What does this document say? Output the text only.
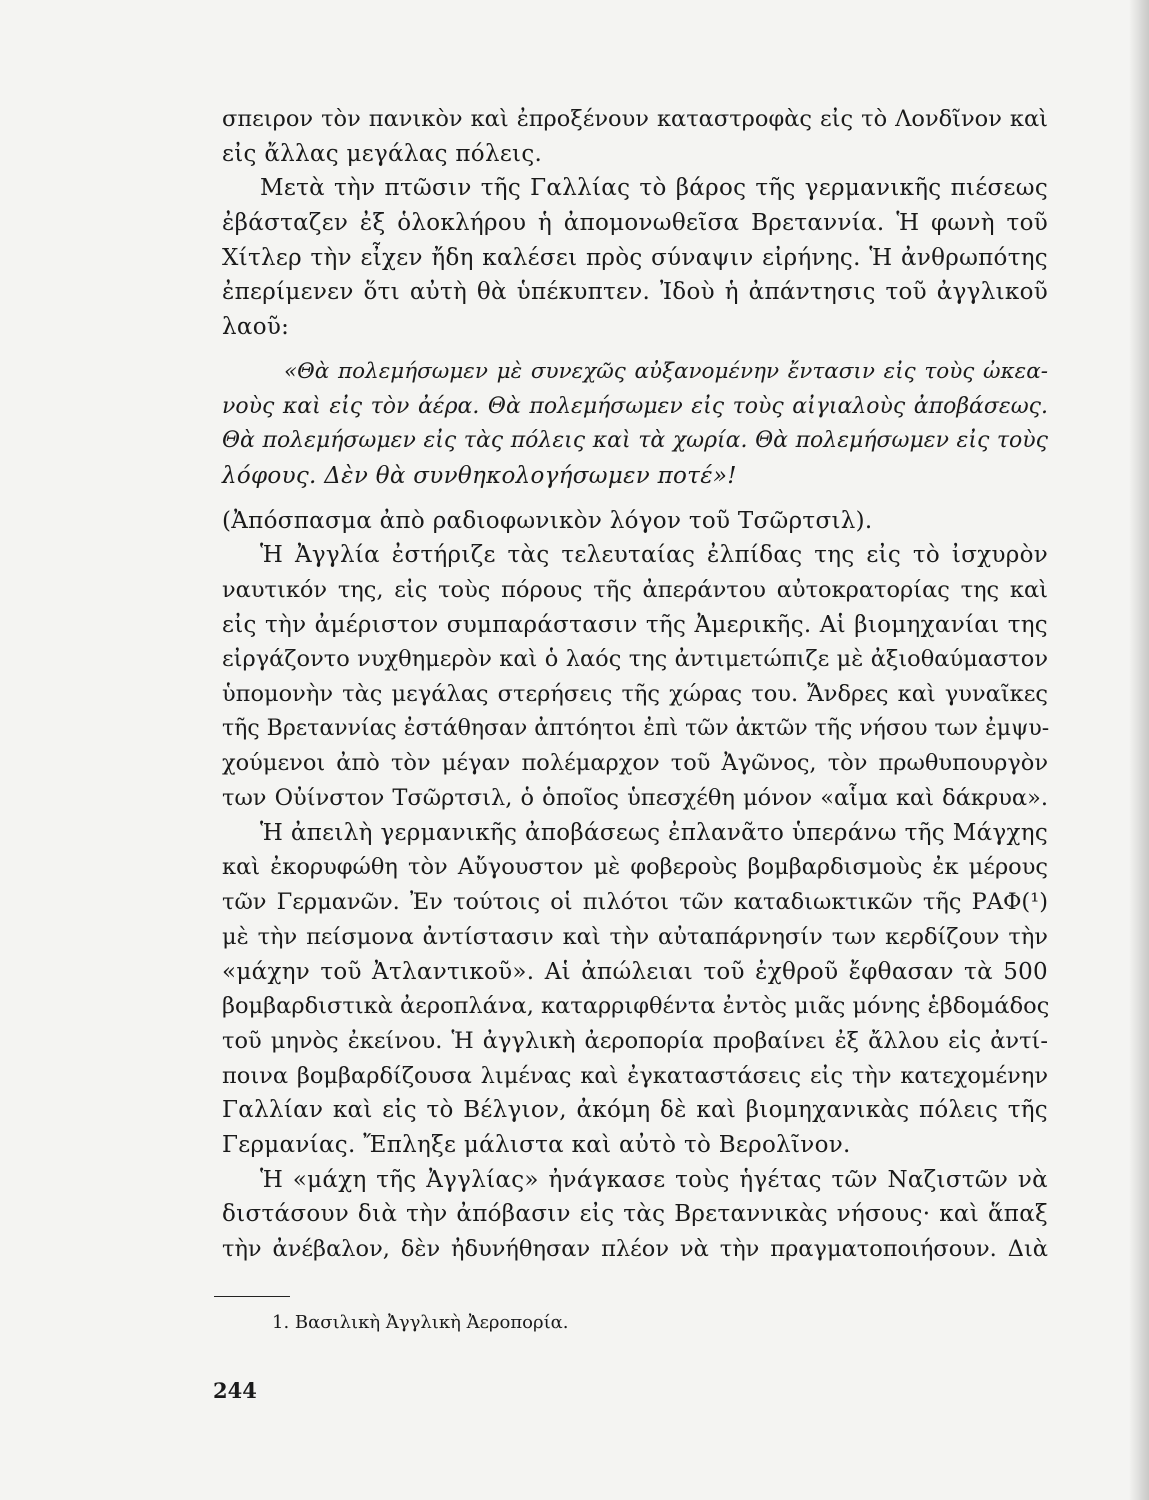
σπειρον τὸν πανικὸν καὶ ἐπροξένουν καταστροφὰς εἰς τὸ Λονδῖνον καὶ
εἰς ἄλλας μεγάλας πόλεις.
Μετὰ τὴν πτῶσιν τῆς Γαλλίας τὸ βάρος τῆς γερμανικῆς πιέσεως
ἐβάσταζεν ἐξ ὁλοκλήρου ἡ ἀπομονωθεῖσα Βρεταννία. Ἡ φωνὴ τοῦ
Χίτλερ τὴν εἶχεν ἤδη καλέσει πρὸς σύναψιν εἰρήνης. Ἡ ἀνθρωπότης
ἐπερίμενεν ὅτι αὐτὴ θὰ ὑπέκυπτεν. Ἰδοὺ ἡ ἀπάντησις τοῦ ἀγγλικοῦ
λαοῦ:
«Θὰ πολεμήσωμεν μὲ συνεχῶς αὐξανομένην ἔντασιν εἰς τοὺς ὠκεα-
νοὺς καὶ εἰς τὸν ἀέρα. Θὰ πολεμήσωμεν εἰς τοὺς αἰγιαλοὺς ἀποβάσεως.
Θὰ πολεμήσωμεν εἰς τὰς πόλεις καὶ τὰ χωρία. Θὰ πολεμήσωμεν εἰς τοὺς
λόφους. Δὲν θὰ συνθηκολογήσωμεν ποτέ»!
(Ἀπόσπασμα ἀπὸ ραδιοφωνικὸν λόγον τοῦ Τσῶρτσιλ).
Ἡ Ἀγγλία ἐστήριζε τὰς τελευταίας ἐλπίδας της εἰς τὸ ἰσχυρὸν
ναυτικόν της, εἰς τοὺς πόρους τῆς ἀπεράντου αὐτοκρατορίας της καὶ
εἰς τὴν ἀμέριστον συμπαράστασιν τῆς Ἀμερικῆς. Αἱ βιομηχανίαι της
εἰργάζοντο νυχθημερὸν καὶ ὁ λαός της ἀντιμετώπιζε μὲ ἀξιοθαύμαστον
ὑπομονὴν τὰς μεγάλας στερήσεις τῆς χώρας του. Ἄνδρες καὶ γυναῖκες
τῆς Βρεταννίας ἐστάθησαν ἀπτόητοι ἐπὶ τῶν ἀκτῶν τῆς νήσου των ἐμψυ-
χούμενοι ἀπὸ τὸν μέγαν πολέμαρχον τοῦ Ἀγῶνος, τὸν πρωθυπουργὸν
των Οὐίνστον Τσῶρτσιλ, ὁ ὁποῖος ὑπεσχέθη μόνον «αἷμα καὶ δάκρυα».
Ἡ ἀπειλὴ γερμανικῆς ἀποβάσεως ἐπλανᾶτο ὑπεράνω τῆς Μάγχης
καὶ ἐκορυφώθη τὸν Αὔγουστον μὲ φοβεροὺς βομβαρδισμοὺς ἐκ μέρους
τῶν Γερμανῶν. Ἐν τούτοις οἱ πιλότοι τῶν καταδιωκτικῶν τῆς ΡΑΦ(¹)
μὲ τὴν πείσμονα ἀντίστασιν καὶ τὴν αὐταπάρνησίν των κερδίζουν τὴν
«μάχην τοῦ Ἀτλαντικοῦ». Αἱ ἀπώλειαι τοῦ ἐχθροῦ ἔφθασαν τὰ 500
βομβαρδιστικὰ ἀεροπλάνα, καταρριφθέντα ἐντὸς μιᾶς μόνης ἑβδομάδος
τοῦ μηνὸς ἐκείνου. Ἡ ἀγγλικὴ ἀεροπορία προβαίνει ἐξ ἄλλου εἰς ἀντί-
ποινα βομβαρδίζουσα λιμένας καὶ ἐγκαταστάσεις εἰς τὴν κατεχομένην
Γαλλίαν καὶ εἰς τὸ Βέλγιον, ἀκόμη δὲ καὶ βιομηχανικὰς πόλεις τῆς
Γερμανίας. Ἔπληξε μάλιστα καὶ αὐτὸ τὸ Βερολῖνον.
Ἡ «μάχη τῆς Ἀγγλίας» ἠνάγκασε τοὺς ἡγέτας τῶν Ναζιστῶν νὰ
διστάσουν διὰ τὴν ἀπόβασιν εἰς τὰς Βρεταννικὰς νήσους· καὶ ἅπαξ
τὴν ἀνέβαλον, δὲν ἠδυνήθησαν πλέον νὰ τὴν πραγματοποιήσουν. Διὰ
1. Βασιλικὴ Ἀγγλικὴ Ἀεροπορία.
244
